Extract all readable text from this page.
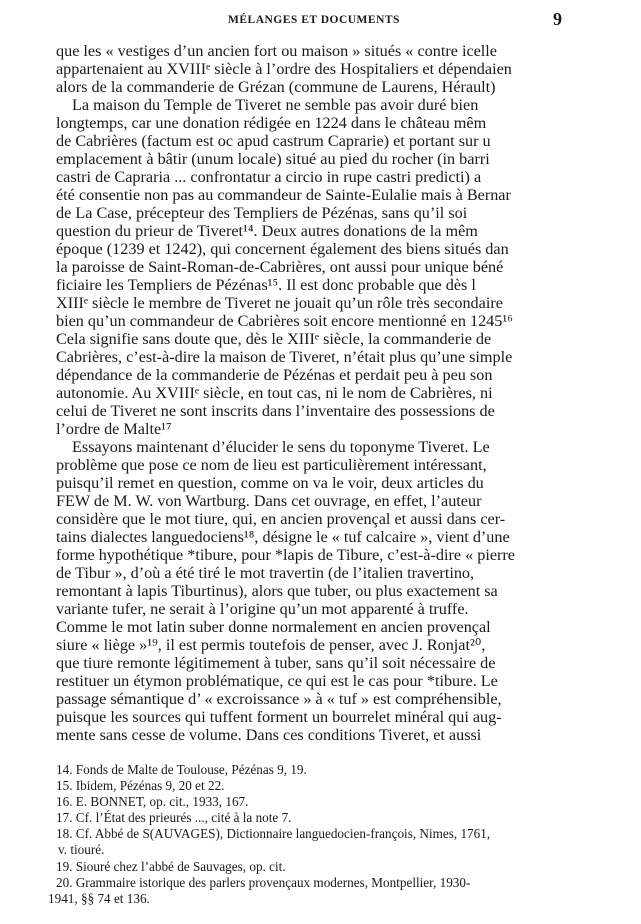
MÉLANGES ET DOCUMENTS	9
que les « vestiges d’un ancien fort ou maison » situés « contre icelle
appartenaient au XVIIIᵉ siècle à l’ordre des Hospitaliers et dépendaien
alors de la commanderie de Grézan (commune de Laurens, Hérault)
La maison du Temple de Tiveret ne semble pas avoir duré bien
longtemps, car une donation rédigée en 1224 dans le château mêm
de Cabrières (factum est oc apud castrum Caprarie) et portant sur u
emplacement à bâtir (unum locale) situé au pied du rocher (in barri
castri de Capraria ... confrontatur a circio in rupe castri predicti) a
été consentie non pas au commandeur de Sainte-Eulalie mais à Bernar
de La Case, précepteur des Templiers de Pézénas, sans qu’il soi
question du prieur de Tiveret¹⁴. Deux autres donations de la mêm
époque (1239 et 1242), qui concernent également des biens situés dan
la paroisse de Saint-Roman-de-Cabrières, ont aussi pour unique béné
ficiaire les Templiers de Pézénas¹⁵. Il est donc probable que dès l
XIIIᵉ siècle le membre de Tiveret ne jouait qu’un rôle très secondaire
bien qu’un commandeur de Cabrières soit encore mentionné en 1245¹⁶
Cela signifie sans doute que, dès le XIIIᵉ siècle, la commanderie de
Cabrières, c’est-à-dire la maison de Tiveret, n’était plus qu’une simple
dépendance de la commanderie de Pézénas et perdait peu à peu son
autonomie. Au XVIIIᵉ siècle, en tout cas, ni le nom de Cabrières, ni
celui de Tiveret ne sont inscrits dans l’inventaire des possessions de
l’ordre de Malte¹⁷
Essayons maintenant d’élucider le sens du toponyme Tiveret. Le
problème que pose ce nom de lieu est particulièrement intéressant,
puisqu’il remet en question, comme on va le voir, deux articles du
FEW de M. W. von Wartburg. Dans cet ouvrage, en effet, l’auteur
considère que le mot tiure, qui, en ancien provençal et aussi dans cer-
tains dialectes languedociens¹⁸, désigne le « tuf calcaire », vient d’une
forme hypothétique *tibure, pour *lapis de Tibure, c’est-à-dire « pierre
de Tibur », d’où a été tiré le mot travertin (de l’italien travertino,
remontant à lapis Tiburtinus), alors que tuber, ou plus exactement sa
variante tufer, ne serait à l’origine qu’un mot apparenté à truffe.
Comme le mot latin suber donne normalement en ancien provençal
siure « liège »¹⁹, il est permis toutefois de penser, avec J. Ronjat²⁰,
que tiure remonte légitimement à tuber, sans qu’il soit nécessaire de
restituer un étymon problématique, ce qui est le cas pour *tibure. Le
passage sémantique d’ « excroissance » à « tuf » est compréhensible,
puisque les sources qui tuffent forment un bourrelet minéral qui aug-
mente sans cesse de volume. Dans ces conditions Tiveret, et aussi
14. Fonds de Malte de Toulouse, Pézénas 9, 19.
15. Ibidem, Pézénas 9, 20 et 22.
16. E. BONNET, op. cit., 1933, 167.
17. Cf. l’État des prieurés ..., cité à la note 7.
18. Cf. Abbé de S(AUVAGES), Dictionnaire languedocien-françois, Nimes, 1761,
v. tiouré.
19. Siouré chez l’abbé de Sauvages, op. cit.
20. Grammaire istorique des parlers provençaux modernes, Montpellier, 1930-
1941, §§ 74 et 136.
